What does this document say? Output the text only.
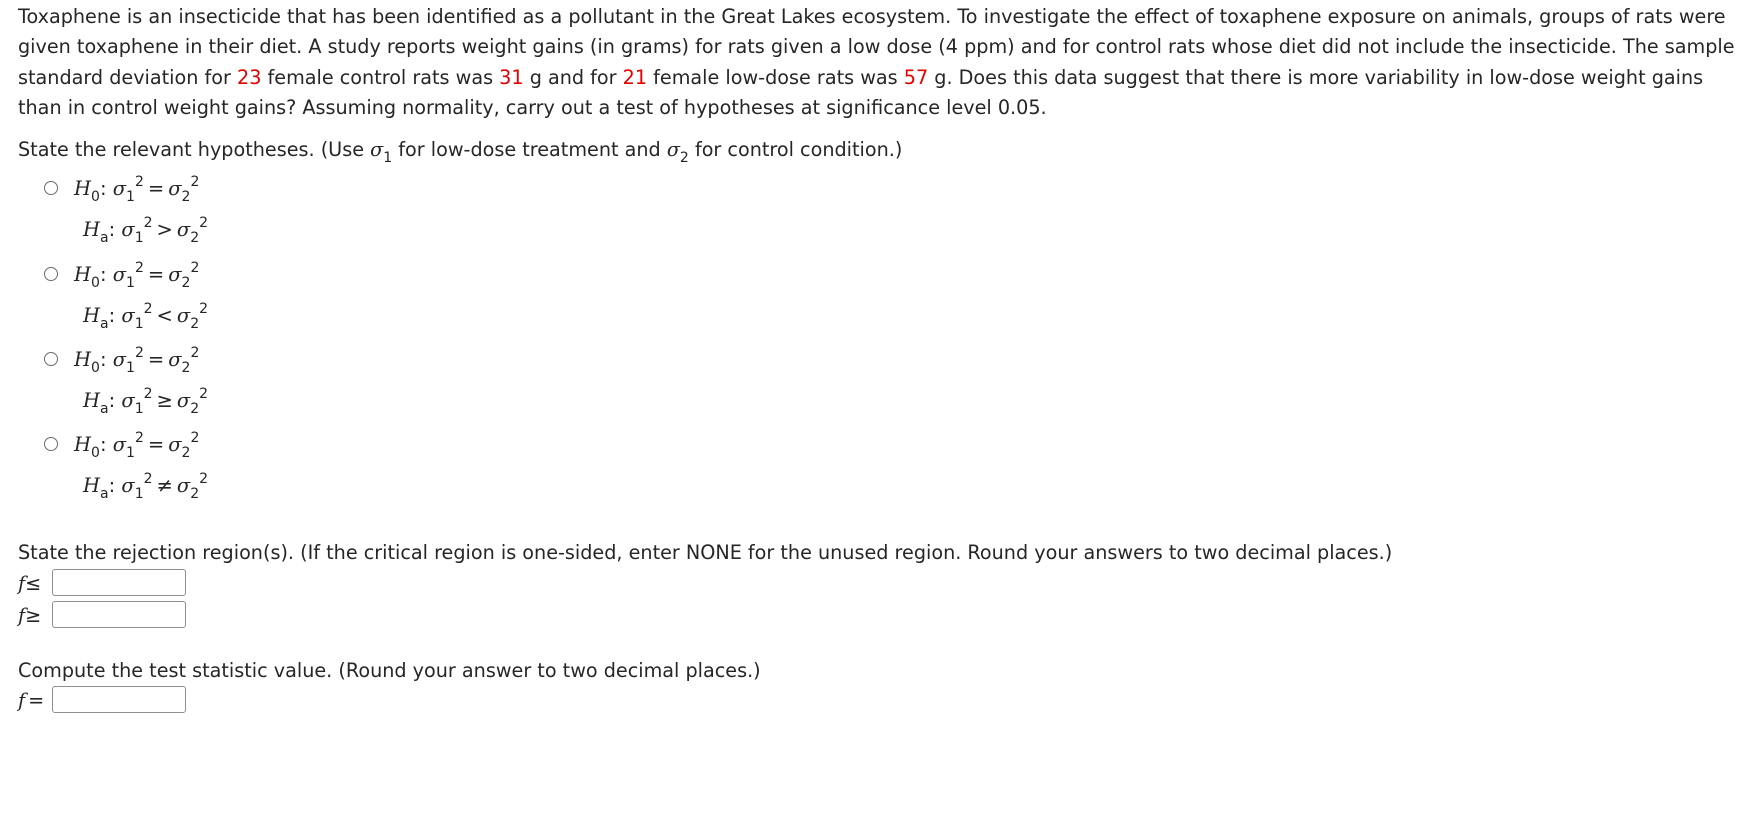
Toxaphene is an insecticide that has been identified as a pollutant in the Great Lakes ecosystem. To investigate the effect of toxaphene exposure on animals, groups of rats were given toxaphene in their diet. A study reports weight gains (in grams) for rats given a low dose (4 ppm) and for control rats whose diet did not include the insecticide. The sample standard deviation for 23 female control rats was 31 g and for 21 female low-dose rats was 57 g. Does this data suggest that there is more variability in low-dose weight gains than in control weight gains? Assuming normality, carry out a test of hypotheses at significance level 0.05.

State the relevant hypotheses. (Use $\sigma_1$ for low-dose treatment and $\sigma_2$ for control condition.)
$H_0$: $\sigma_1^2 = \sigma_2^2$
$H_a$: $\sigma_1^2 > \sigma_2^2$
$H_0$: $\sigma_1^2 = \sigma_2^2$
$H_a$: $\sigma_1^2 < \sigma_2^2$
$H_0$: $\sigma_1^2 = \sigma_2^2$
$H_a$: $\sigma_1^2 \ge \sigma_2^2$
$H_0$: $\sigma_1^2 = \sigma_2^2$
$H_a$: $\sigma_1^2 \ne \sigma_2^2$
State the rejection region(s). (If the critical region is one-sided, enter NONE for the unused region. Round your answers to two decimal places.)
f≤
f≥
Compute the test statistic value. (Round your answer to two decimal places.)
f =
